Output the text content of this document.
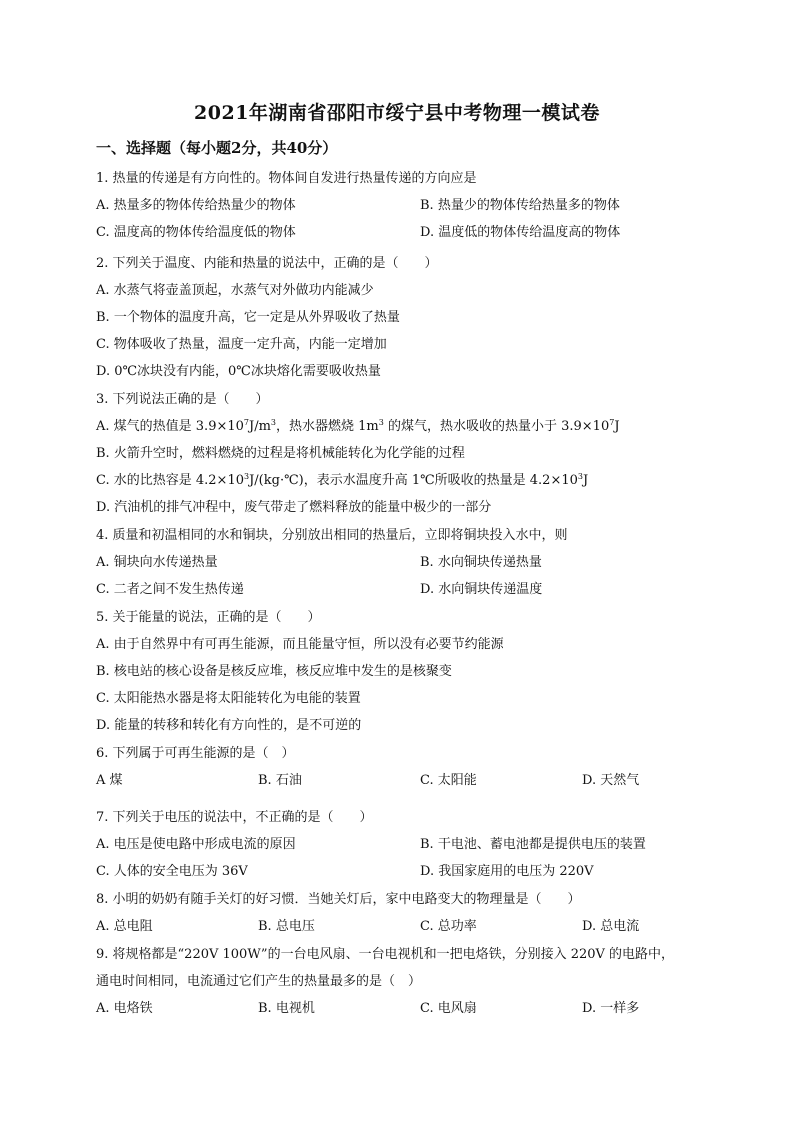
2021年湖南省邵阳市绥宁县中考物理一模试卷
一、选择题（每小题2分，共40分）
1. 热量的传递是有方向性的。物体间自发进行热量传递的方向应是
A. 热量多的物体传给热量少的物体	B. 热量少的物体传给热量多的物体
C. 温度高的物体传给温度低的物体	D. 温度低的物体传给温度高的物体
2. 下列关于温度、内能和热量的说法中，正确的是（　　）
A. 水蒸气将壶盖顶起，水蒸气对外做功内能减少
B. 一个物体的温度升高，它一定是从外界吸收了热量
C. 物体吸收了热量，温度一定升高，内能一定增加
D. 0℃冰块没有内能，0℃冰块熔化需要吸收热量
3. 下列说法正确的是（　　）
A. 煤气的热值是 $3.9\times 10^7J/m^3$，热水器燃烧 $1m^3$ 的煤气，热水吸收的热量小于 $3.9\times 10^7J$
B. 火箭升空时，燃料燃烧的过程是将机械能转化为化学能的过程
C. 水的比热容是 $4.2\times 10^3J/(kg\cdot℃)$，表示水温度升高 1℃所吸收的热量是 $4.2\times 10^3J$
D. 汽油机的排气冲程中，废气带走了燃料释放的能量中极少的一部分
4. 质量和初温相同的水和铜块，分别放出相同的热量后，立即将铜块投入水中，则
A. 铜块向水传递热量	B. 水向铜块传递热量
C. 二者之间不发生热传递	D. 水向铜块传递温度
5. 关于能量的说法，正确的是（　　）
A. 由于自然界中有可再生能源，而且能量守恒，所以没有必要节约能源
B. 核电站的核心设备是核反应堆，核反应堆中发生的是核聚变
C. 太阳能热水器是将太阳能转化为电能的装置
D. 能量的转移和转化有方向性的，是不可逆的
6. 下列属于可再生能源的是（　）
A 煤	B. 石油	C. 太阳能	D. 天然气
7. 下列关于电压的说法中，不正确的是（　　）
A. 电压是使电路中形成电流的原因	B. 干电池、蓄电池都是提供电压的装置
C. 人体的安全电压为 36V	D. 我国家庭用的电压为 220V
8. 小明的奶奶有随手关灯的好习惯．当她关灯后，家中电路变大的物理量是（　　）
A. 总电阻	B. 总电压	C. 总功率	D. 总电流
9. 将规格都是“220V 100W”的一台电风扇、一台电视机和一把电烙铁，分别接入 220V 的电路中，
通电时间相同，电流通过它们产生的热量最多的是（　）
A. 电烙铁	B. 电视机	C. 电风扇	D. 一样多
